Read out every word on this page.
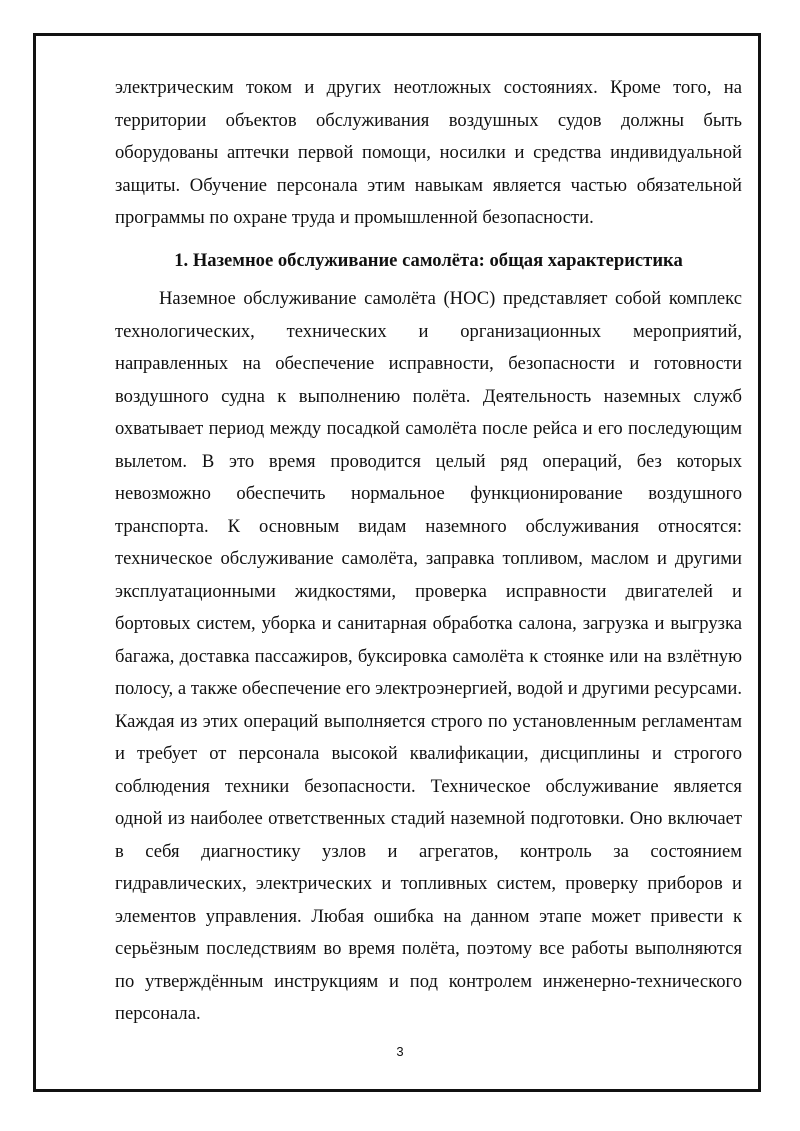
электрическим током и других неотложных состояниях. Кроме того, на территории объектов обслуживания воздушных судов должны быть оборудованы аптечки первой помощи, носилки и средства индивидуальной защиты. Обучение персонала этим навыкам является частью обязательной программы по охране труда и промышленной безопасности.

1. Наземное обслуживание самолёта: общая характеристика

Наземное обслуживание самолёта (НОС) представляет собой комплекс технологических, технических и организационных мероприятий, направленных на обеспечение исправности, безопасности и готовности воздушного судна к выполнению полёта. Деятельность наземных служб охватывает период между посадкой самолёта после рейса и его последующим вылетом. В это время проводится целый ряд операций, без которых невозможно обеспечить нормальное функционирование воздушного транспорта. К основным видам наземного обслуживания относятся: техническое обслуживание самолёта, заправка топливом, маслом и другими эксплуатационными жидкостями, проверка исправности двигателей и бортовых систем, уборка и санитарная обработка салона, загрузка и выгрузка багажа, доставка пассажиров, буксировка самолёта к стоянке или на взлётную полосу, а также обеспечение его электроэнергией, водой и другими ресурсами. Каждая из этих операций выполняется строго по установленным регламентам и требует от персонала высокой квалификации, дисциплины и строгого соблюдения техники безопасности. Техническое обслуживание является одной из наиболее ответственных стадий наземной подготовки. Оно включает в себя диагностику узлов и агрегатов, контроль за состоянием гидравлических, электрических и топливных систем, проверку приборов и элементов управления. Любая ошибка на данном этапе может привести к серьёзным последствиям во время полёта, поэтому все работы выполняются по утверждённым инструкциям и под контролем инженерно-технического персонала.

3
